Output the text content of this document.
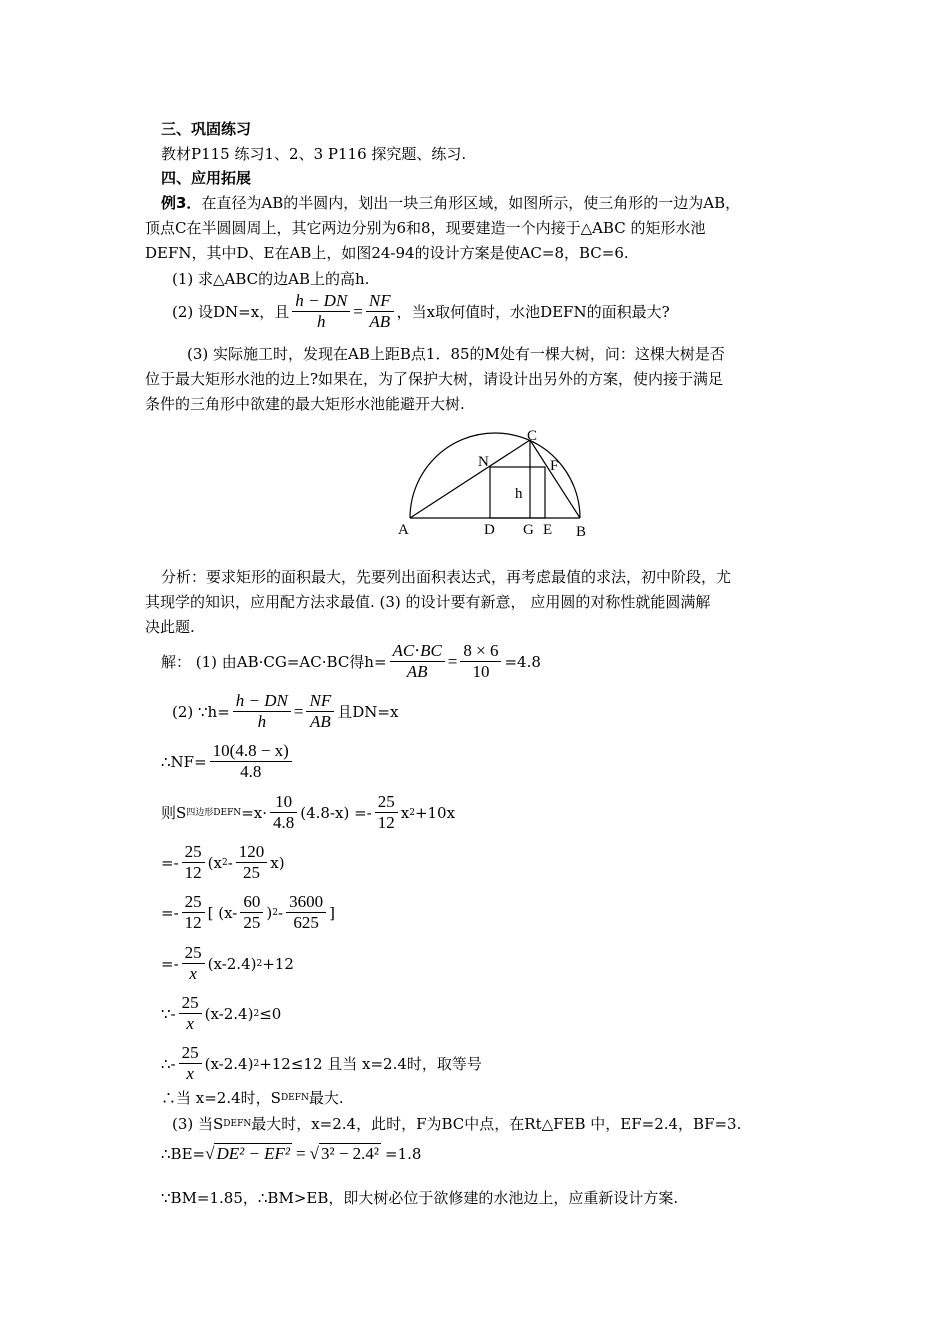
三、巩固练习
教材P115 练习1、2、3 P116 探究题、练习.
四、应用拓展
例3．在直径为AB的半圆内，划出一块三角形区域，如图所示，使三角形的一边为AB，
顶点C在半圆圆周上，其它两边分别为6和8，现要建造一个内接于△ABC 的矩形水池
DEFN，其中D、E在AB上，如图24-94的设计方案是使AC=8，BC=6.
(1) 求△ABC的边AB上的高h.
(2) 设DN=x，且 $\frac{h - DN}{h} = \frac{NF}{AB}$ ，当x取何值时，水池DEFN的面积最大?
(3) 实际施工时，发现在AB上距B点1．85的M处有一棵大树，问：这棵大树是否
位于最大矩形水池的边上?如果在，为了保护大树，请设计出另外的方案，使内接于满足
条件的三角形中欲建的最大矩形水池能避开大树.
A	B
C
N	F
h
D G E
分析：要求矩形的面积最大，先要列出面积表达式，再考虑最值的求法，初中阶段，尤
其现学的知识，应用配方法求最值. (3) 的设计要有新意， 应用圆的对称性就能圆满解
决此题.
解： (1) 由AB·CG=AC·BC得$h= \frac{AC\cdot BC}{AB} = \frac{8 \times 6}{10} =4.8$
(2) ∵h= $\frac{h - DN}{h} = \frac{NF}{AB}$ 且DN=x
∴NF= $\frac{10(4.8 - x)}{4.8}$
则S 四边形DEFN $=x\cdot \frac{10}{4.8} (4.8-x) =- \frac{25}{12}$ x 2 +10x
=- $\frac{25}{12} (x$ $2 - \frac{120}{25} x$)
=- $\frac{25}{12}$ [ ($x- \frac{60}{25}$ ) $2 - \frac{3600}{625}$ ]
=- $\frac{25}{x} (x-2.4)$ 2 +12
∵- $\frac{25}{x} (x-2.4)$ 2 ≤0
∴- $\frac{25}{x} (x-2.4)$ 2 +12≤12 且当 x=2.4时，取等号
∴当 x=2.4时，S DEFN 最大.
(3) 当S DEFN 最大时，x=2.4，此时，F为BC中点，在Rt△FEB 中，EF=2.4，BF=3.
∴BE= √ DE² − EF² = √ 3² − 2.4² =1.8
∵BM=1.85，∴BM>EB，即大树必位于欲修建的水池边上，应重新设计方案.
